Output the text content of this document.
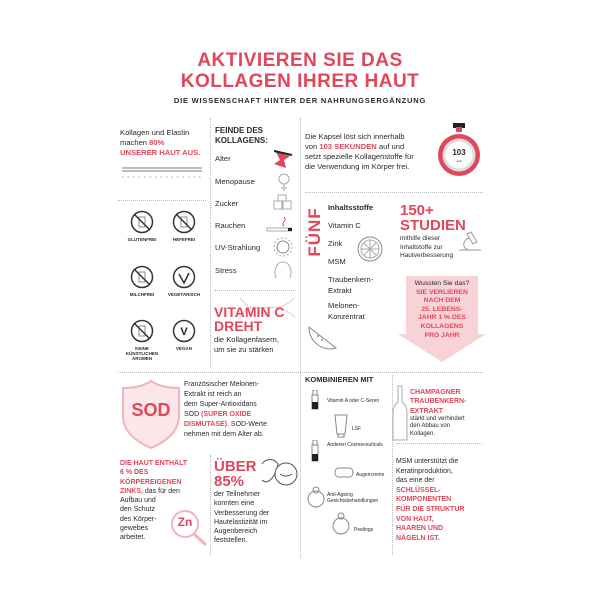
AKTIVIEREN SIE DAS
KOLLAGEN IHRER HAUT
DIE WISSENSCHAFT HINTER DER NAHRUNGSERGÄNZUNG
Kollagen und Elastin
machen 80%
UNSERER HAUT AUS.
GLUTENFREI	HEFEFREI
MILCHFREI	VEGETARISCH
KEINE KÜNSTLICHEN AROMEN
V
VEGAN
FEINDE DES
KOLLAGENS:
Alter
Menopause
Zucker
Rauchen
UV-Strahlung
Stress
VITAMIN C
DREHT
die Kollagenfasern,
um sie zu stärken
Die Kapsel löst sich innerhalb
von 103 SEKUNDEN auf und
setzt spezielle Kollagenstoffe für
die Verwendung im Körper frei.
103
sek
FÜNF Inhaltsstoffe
Vitamin C
Zink
MSM
Traubenkern-
Extrakt
Melonen-
Konzentrat
150+
STUDIEN
mithilfe dieser
Inhaltstoffe zur
Hautverbesserung
Wussten Sie das?
SIE VERLIEREN
NACH DEM
25. LEBENS-
JAHR 1 % DES
KOLLAGENS
PRO JAHR
SOD
Französischer Melonen-
Extrakt ist reich an
dem Super-Antioxidans
SOD (SUPER OXIDE
DISMUTASE). SOD-Werte
nehmen mit dem Alter ab.
DIE HAUT ENTHÄLT
6 % DES
KÖRPEREIGENEN
ZINKS, das für den
Aufbau und
den Schutz
des Körper-
gewebes
arbeitet.
Zn
ÜBER
85%
der Teilnehmer
konnten eine
Verbesserung der
Hautelastizität im
Augenbereich
feststellen.
KOMBINIEREN MIT
Vitamin A oder C-Seren
LSF
Anderen Cosmeceuticals
Augencreme
Anti-Ageing Gesichtsbehandlungen
Peelings
CHAMPAGNER
TRAUBENKERN-
EXTRAKT
stärkt und verhindert
den Abbau von
Kollagen.
MSM unterstützt die
Keratinproduktion,
das eine der
SCHLÜSSEL-
KOMPONENTEN
FÜR DIE STRUKTUR
VON HAUT,
HAAREN UND
NÄGELN IST.
